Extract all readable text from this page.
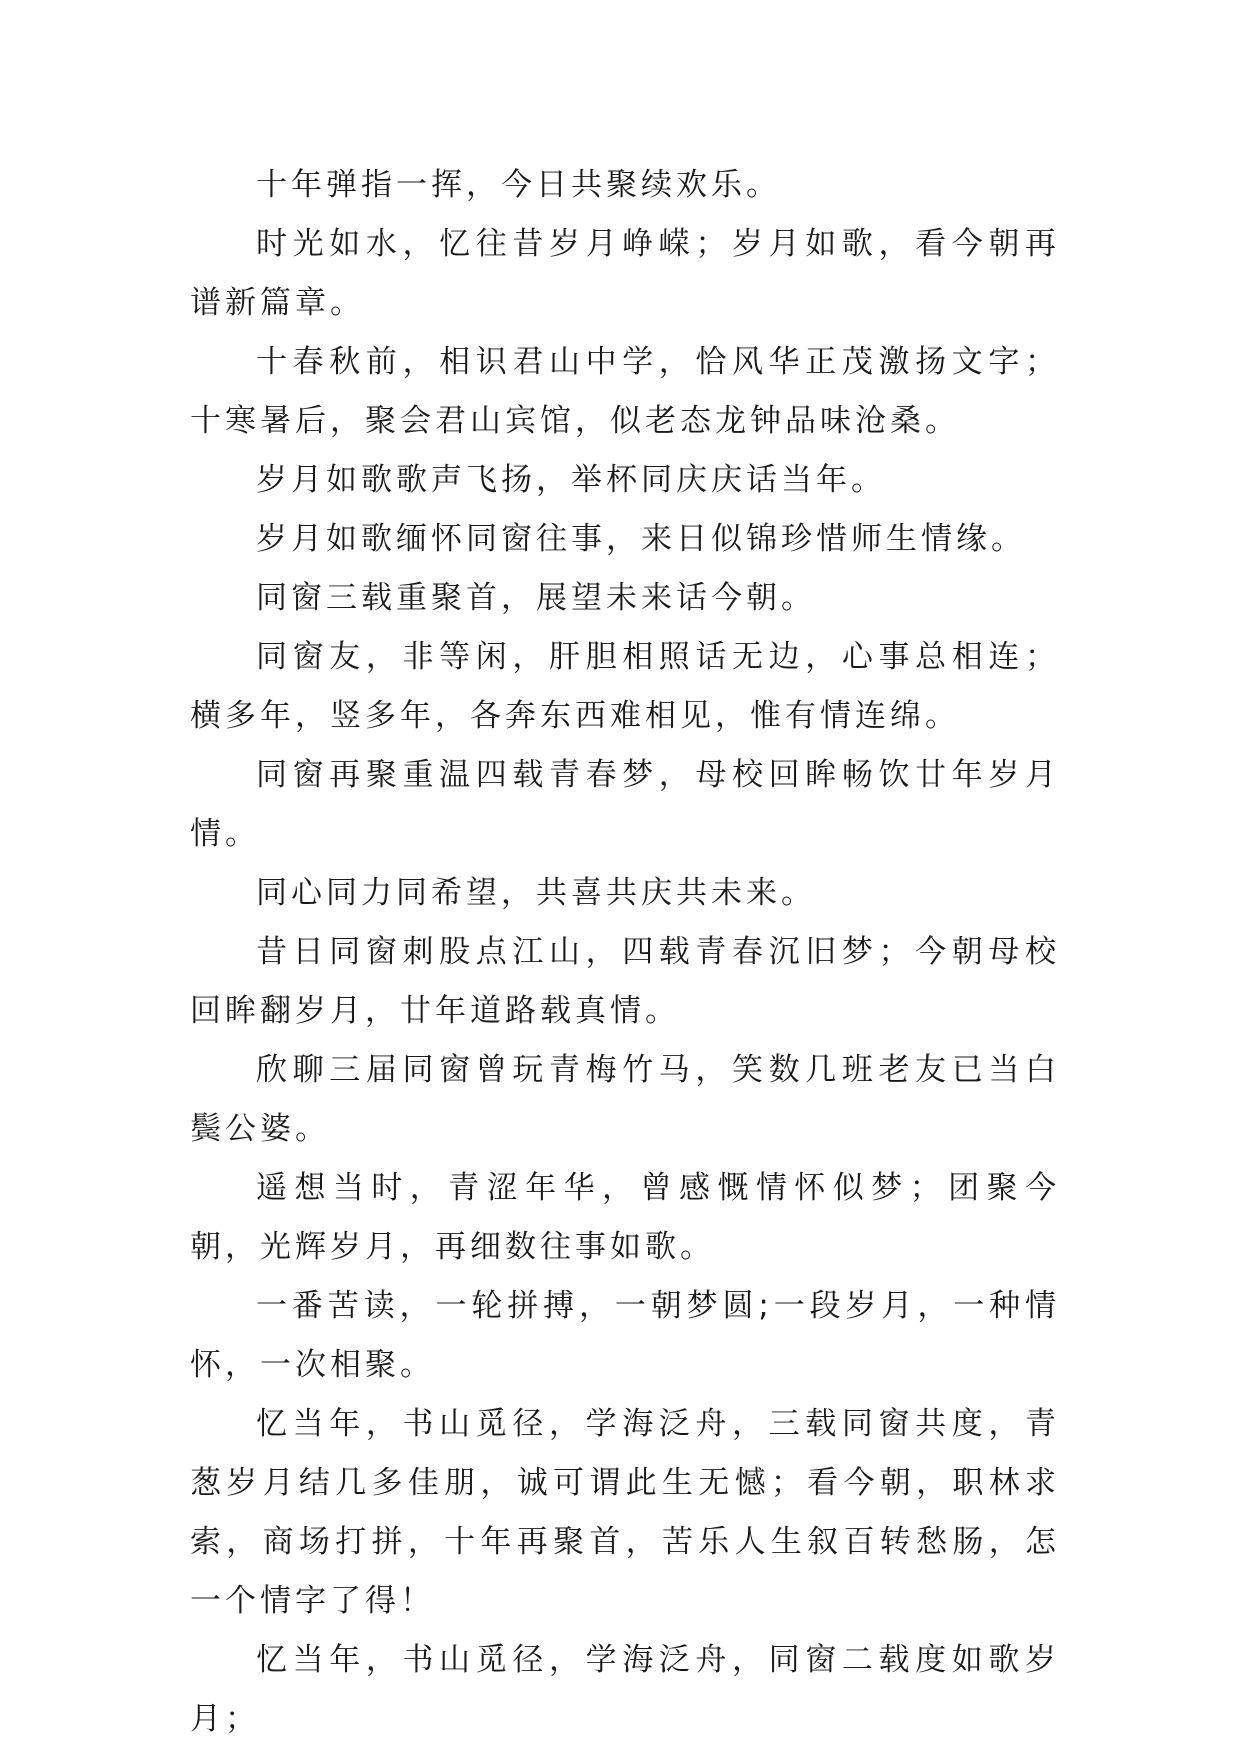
十年弹指一挥，今日共聚续欢乐。

时光如水，忆往昔岁月峥嵘；岁月如歌，看今朝再谱新篇章。

十春秋前，相识君山中学，恰风华正茂激扬文字；十寒暑后，聚会君山宾馆，似老态龙钟品味沧桑。

岁月如歌歌声飞扬，举杯同庆庆话当年。

岁月如歌缅怀同窗往事，来日似锦珍惜师生情缘。

同窗三载重聚首，展望未来话今朝。

同窗友，非等闲，肝胆相照话无边，心事总相连；横多年，竖多年，各奔东西难相见，惟有情连绵。

同窗再聚重温四载青春梦，母校回眸畅饮廿年岁月情。

同心同力同希望，共喜共庆共未来。

昔日同窗刺股点江山，四载青春沉旧梦；今朝母校回眸翻岁月，廿年道路载真情。

欣聊三届同窗曾玩青梅竹马，笑数几班老友已当白鬓公婆。

遥想当时，青涩年华，曾感慨情怀似梦；团聚今朝，光辉岁月，再细数往事如歌。

一番苦读，一轮拼搏，一朝梦圆;一段岁月，一种情怀，一次相聚。

忆当年，书山觅径，学海泛舟，三载同窗共度，青葱岁月结几多佳朋，诚可谓此生无憾；看今朝，职林求索，商场打拼，十年再聚首，苦乐人生叙百转愁肠，怎一个情字了得！

忆当年，书山觅径，学海泛舟，同窗二载度如歌岁月；
